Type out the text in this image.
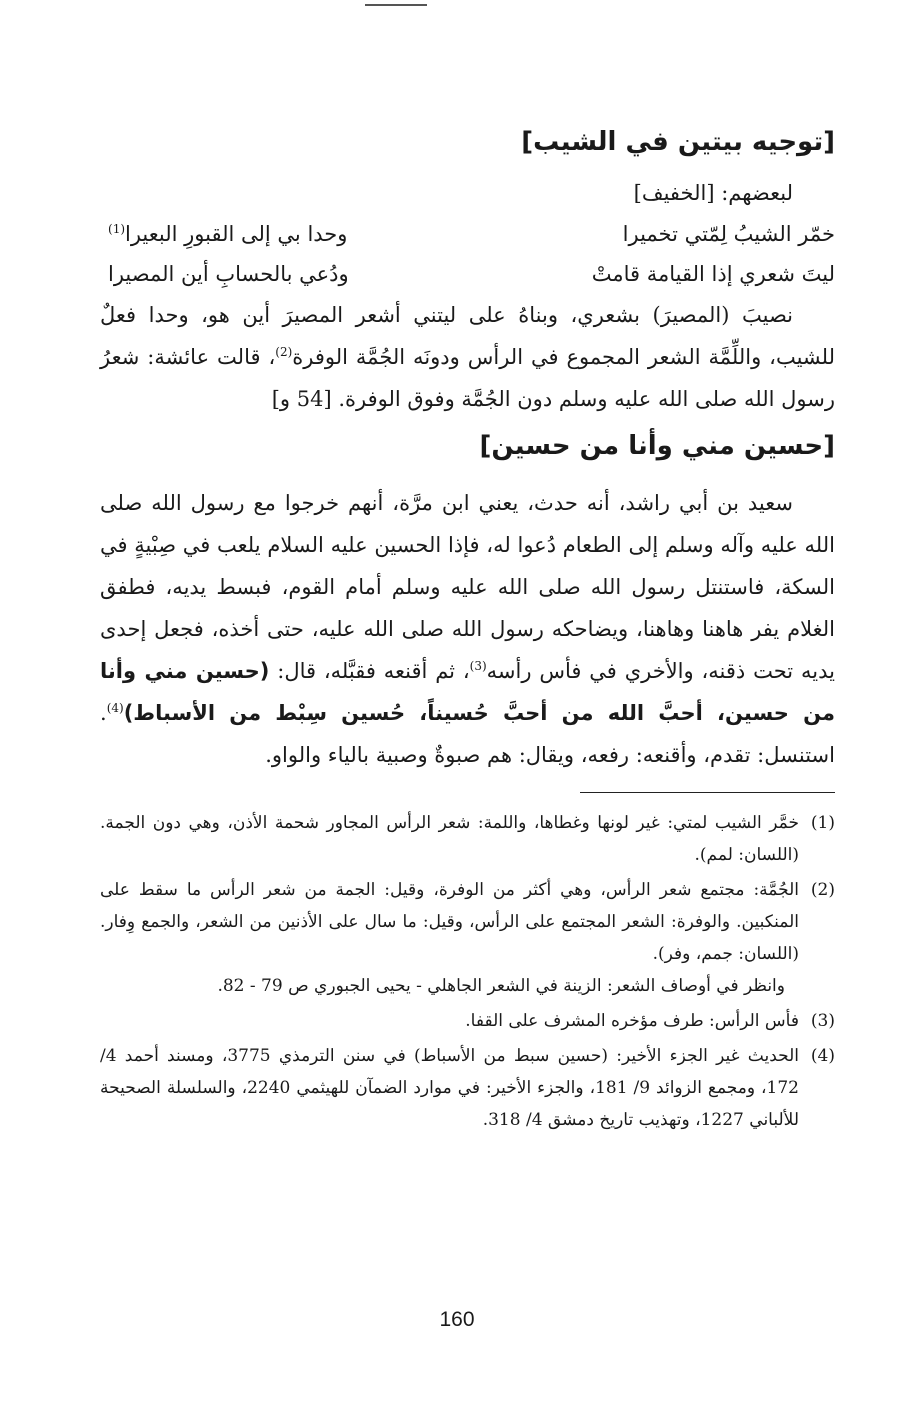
[توجيه بيتين في الشيب]

لبعضهم: [الخفيف]

خمّر الشيبُ لِمّتي تخميرا
وحدا بي إلى القبورِ البعيرا$^{(1)}$
ليتَ شعري إذا القيامة قامتْ
ودُعي بالحسابِ أين المصيرا

نصيبَ (المصيرَ) بشعري، وبناهُ على ليتني أشعر المصيرَ أين هو، وحدا فعلٌ للشيب، واللِّمَّة الشعر المجموع في الرأس ودونَه الجُمَّة الوفرة$^{(2)}$، قالت عائشة: شعرُ رسول الله صلى الله عليه وسلم دون الجُمَّة وفوق الوفرة. [54 و]

[حسين مني وأنا من حسين]

سعيد بن أبي راشد، أنه حدث، يعني ابن مرَّة، أنهم خرجوا مع رسول الله صلى الله عليه وآله وسلم إلى الطعام دُعوا له، فإذا الحسين عليه السلام يلعب في صِبْيةٍ في السكة، فاستنتل رسول الله صلى الله عليه وسلم أمام القوم، فبسط يديه، فطفق الغلام يفر هاهنا وهاهنا، ويضاحكه رسول الله صلى الله عليه، حتى أخذه، فجعل إحدى يديه تحت ذقنه، والأخري في فأس رأسه$^{(3)}$، ثم أقنعه فقبَّله، قال: (حسين مني وأنا من حسين، أحبَّ الله من أحبَّ حُسيناً، حُسين سِبْط من الأسباط)$^{(4)}$. استنسل: تقدم، وأقنعه: رفعه، ويقال: هم صبوةٌ وصبية بالياء والواو.

(1)
خمَّر الشيب لمتي: غير لونها وغطاها، واللمة: شعر الرأس المجاور شحمة الأذن، وهي دون الجمة. (اللسان: لمم).
(2)
الجُمَّة: مجتمع شعر الرأس، وهي أكثر من الوفرة، وقيل: الجمة من شعر الرأس ما سقط على المنكبين. والوفرة: الشعر المجتمع على الرأس، وقيل: ما سال على الأذنين من الشعر، والجمع وِفار. (اللسان: جمم، وفر).
وانظر في أوصاف الشعر: الزينة في الشعر الجاهلي - يحيى الجبوري ص 79 - 82.
(3)
فأس الرأس: طرف مؤخره المشرف على القفا.
(4)
الحديث غير الجزء الأخير: (حسين سبط من الأسباط) في سنن الترمذي 3775، ومسند أحمد 4/ 172، ومجمع الزوائد 9/ 181، والجزء الأخير: في موارد الضمآن للهيثمي 2240، والسلسلة الصحيحة للألباني 1227، وتهذيب تاريخ دمشق 4/ 318.
160
